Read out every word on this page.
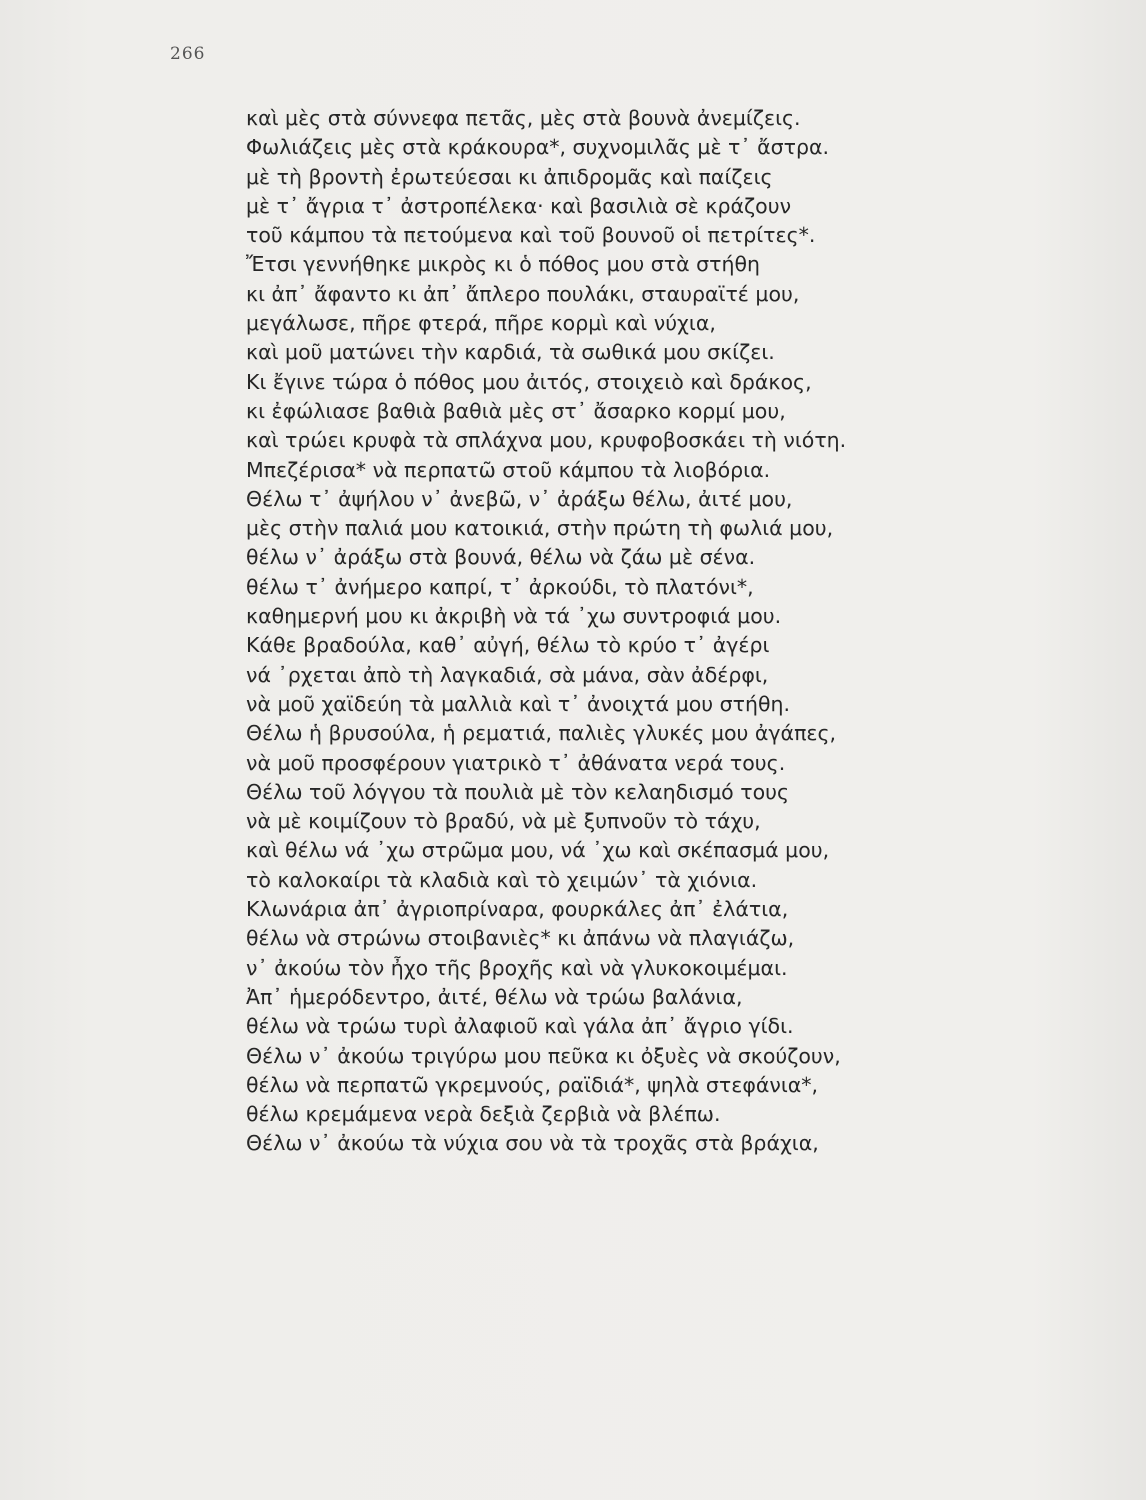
266
καὶ μὲς στὰ σύννεφα πετᾶς, μὲς στὰ βουνὰ ἀνεμίζεις.
Φωλιάζεις μὲς στὰ κράκουρα*, συχνομιλᾶς μὲ τ᾿ ἄστρα.
μὲ τὴ βροντὴ ἐρωτεύεσαι κι ἀπιδρομᾶς καὶ παίζεις
μὲ τ᾿ ἄγρια τ᾿ ἀστροπέλεκα· καὶ βασιλιὰ σὲ κράζουν
τοῦ κάμπου τὰ πετούμενα καὶ τοῦ βουνοῦ οἱ πετρίτες*.
Ἔτσι γεννήθηκε μικρὸς κι ὁ πόθος μου στὰ στήθη
κι ἀπ᾿ ἄφαντο κι ἀπ᾿ ἄπλερο πουλάκι, σταυραϊτέ μου,
μεγάλωσε, πῆρε φτερά, πῆρε κορμὶ καὶ νύχια,
καὶ μοῦ ματώνει τὴν καρδιά, τὰ σωθικά μου σκίζει.
Κι ἔγινε τώρα ὁ πόθος μου ἀιτός, στοιχειὸ καὶ δράκος,
κι ἐφώλιασε βαθιὰ βαθιὰ μὲς στ᾿ ἄσαρκο κορμί μου,
καὶ τρώει κρυφὰ τὰ σπλάχνα μου, κρυφοβοσκάει τὴ νιότη.
Μπεζέρισα* νὰ περπατῶ στοῦ κάμπου τὰ λιοβόρια.
Θέλω τ᾿ ἀψήλου ν᾿ ἀνεβῶ, ν᾿ ἀράξω θέλω, ἀιτέ μου,
μὲς στὴν παλιά μου κατοικιά, στὴν πρώτη τὴ φωλιά μου,
θέλω ν᾿ ἀράξω στὰ βουνά, θέλω νὰ ζάω μὲ σένα.
θέλω τ᾿ ἀνήμερο καπρί, τ᾿ ἀρκούδι, τὸ πλατόνι*,
καθημερνή μου κι ἀκριβὴ νὰ τά ᾿χω συντροφιά μου.
Κάθε βραδούλα, καθ᾿ αὐγή, θέλω τὸ κρύο τ᾿ ἀγέρι
νά ᾿ρχεται ἀπὸ τὴ λαγκαδιά, σὰ μάνα, σὰν ἀδέρφι,
νὰ μοῦ χαϊδεύη τὰ μαλλιὰ καὶ τ᾿ ἀνοιχτά μου στήθη.
Θέλω ἡ βρυσούλα, ἡ ρεματιά, παλιὲς γλυκές μου ἀγάπες,
νὰ μοῦ προσφέρουν γιατρικὸ τ᾿ ἀθάνατα νερά τους.
Θέλω τοῦ λόγγου τὰ πουλιὰ μὲ τὸν κελαηδισμό τους
νὰ μὲ κοιμίζουν τὸ βραδύ, νὰ μὲ ξυπνοῦν τὸ τάχυ,
καὶ θέλω νά ᾿χω στρῶμα μου, νά ᾿χω καὶ σκέπασμά μου,
τὸ καλοκαίρι τὰ κλαδιὰ καὶ τὸ χειμών᾿ τὰ χιόνια.
Κλωνάρια ἀπ᾿ ἀγριοπρίναρα, φουρκάλες ἀπ᾿ ἐλάτια,
θέλω νὰ στρώνω στοιβανιὲς* κι ἀπάνω νὰ πλαγιάζω,
ν᾿ ἀκούω τὸν ἦχο τῆς βροχῆς καὶ νὰ γλυκοκοιμέμαι.
Ἀπ᾿ ἡμερόδεντρο, ἀιτέ, θέλω νὰ τρώω βαλάνια,
θέλω νὰ τρώω τυρὶ ἀλαφιοῦ καὶ γάλα ἀπ᾿ ἄγριο γίδι.
Θέλω ν᾿ ἀκούω τριγύρω μου πεῦκα κι ὀξυὲς νὰ σκούζουν,
θέλω νὰ περπατῶ γκρεμνούς, ραϊδιά*, ψηλὰ στεφάνια*,
θέλω κρεμάμενα νερὰ δεξιὰ ζερβιὰ νὰ βλέπω.
Θέλω ν᾿ ἀκούω τὰ νύχια σου νὰ τὰ τροχᾶς στὰ βράχια,
